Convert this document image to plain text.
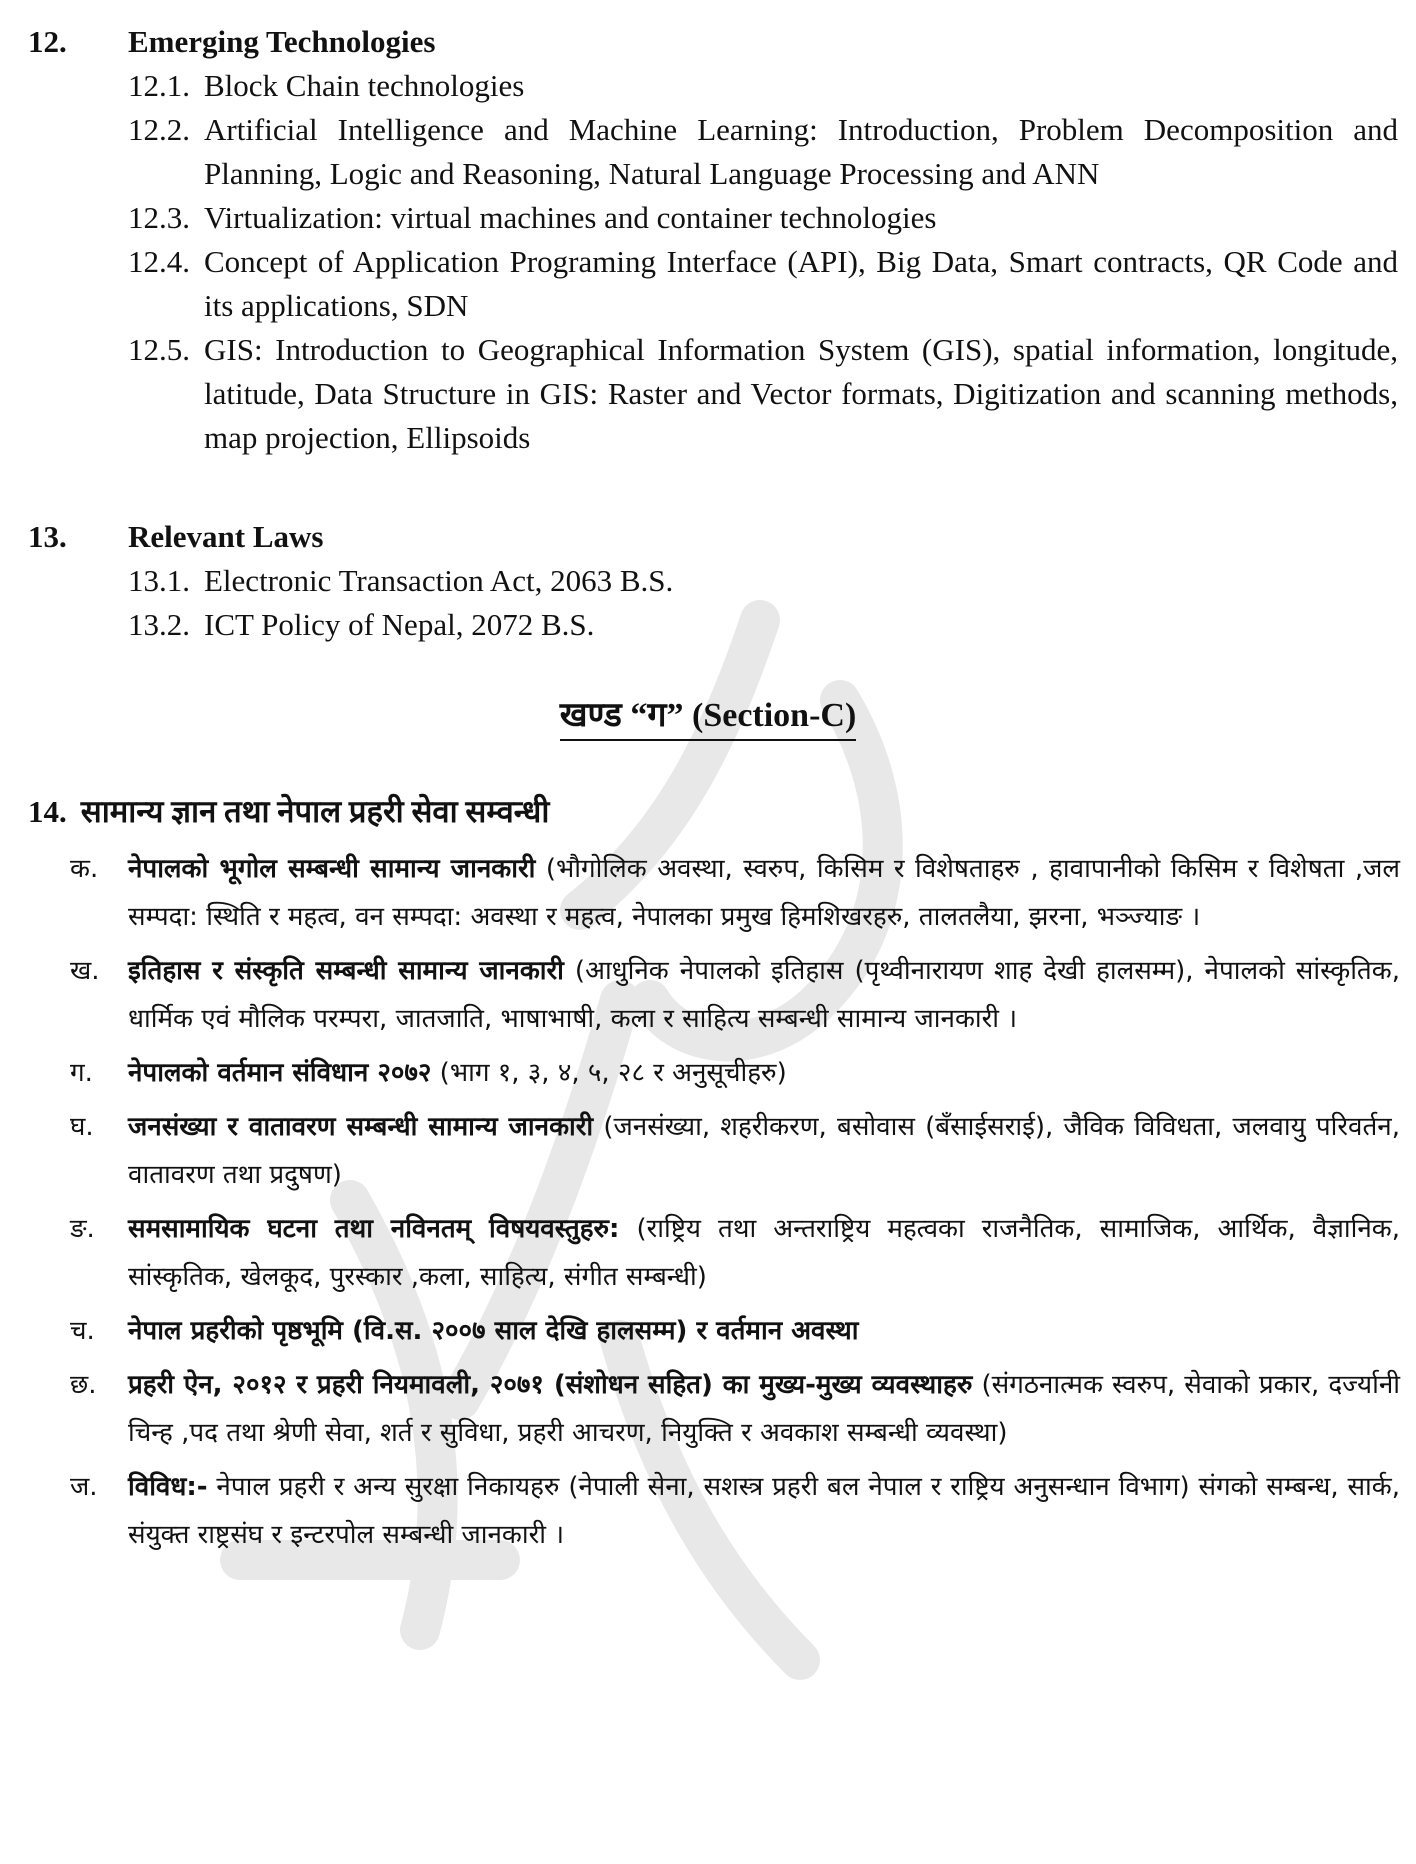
12. Emerging Technologies
12.1. Block Chain technologies
12.2. Artificial Intelligence and Machine Learning: Introduction, Problem Decomposition and Planning, Logic and Reasoning, Natural Language Processing and ANN
12.3. Virtualization: virtual machines and container technologies
12.4. Concept of Application Programing Interface (API), Big Data, Smart contracts, QR Code and its applications, SDN
12.5. GIS: Introduction to Geographical Information System (GIS), spatial information, longitude, latitude, Data Structure in GIS: Raster and Vector formats, Digitization and scanning methods, map projection, Ellipsoids
13. Relevant Laws
13.1. Electronic Transaction Act, 2063 B.S.
13.2. ICT Policy of Nepal, 2072 B.S.
खण्ड “ग” (Section-C)
14. सामान्य ज्ञान तथा नेपाल प्रहरी सेवा सम्वन्धी
क. नेपालको भूगोल सम्बन्धी सामान्य जानकारी (भौगोलिक अवस्था, स्वरुप, किसिम र विशेषताहरु , हावापानीको किसिम र विशेषता ,जल सम्पदा: स्थिति र महत्व, वन सम्पदा: अवस्था र महत्व, नेपालका प्रमुख हिमशिखरहरु, तालतलैया, झरना, भञ्ज्याङ ।
ख. इतिहास र संस्कृति सम्बन्धी सामान्य जानकारी (आधुनिक नेपालको इतिहास (पृथ्वीनारायण शाह देखी हालसम्म), नेपालको सांस्कृतिक, धार्मिक एवं मौलिक परम्परा, जातजाति, भाषाभाषी, कला र साहित्य सम्बन्धी सामान्य जानकारी ।
ग. नेपालको वर्तमान संविधान २०७२ (भाग १, ३, ४, ५, २८ र अनुसूचीहरु)
घ. जनसंख्या र वातावरण सम्बन्धी सामान्य जानकारी (जनसंख्या, शहरीकरण, बसोवास (बँसाईसराई), जैविक विविधता, जलवायु परिवर्तन, वातावरण तथा प्रदुषण)
ङ. समसामायिक घटना तथा नविनतम् विषयवस्तुहरु: (राष्ट्रिय तथा अन्तराष्ट्रिय महत्वका राजनैतिक, सामाजिक, आर्थिक, वैज्ञानिक, सांस्कृतिक, खेलकूद, पुरस्कार ,कला, साहित्य, संगीत सम्बन्धी)
च. नेपाल प्रहरीको पृष्ठभूमि (वि.स. २००७ साल देखि हालसम्म) र वर्तमान अवस्था
छ. प्रहरी ऐन, २०१२ र प्रहरी नियमावली, २०७१ (संशोधन सहित) का मुख्य-मुख्य व्यवस्थाहरु (संगठनात्मक स्वरुप, सेवाको प्रकार, दर्ज्यानी चिन्ह ,पद तथा श्रेणी सेवा, शर्त र सुविधा, प्रहरी आचरण, नियुक्ति र अवकाश सम्बन्धी व्यवस्था)
ज. विविध:- नेपाल प्रहरी र अन्य सुरक्षा निकायहरु (नेपाली सेना, सशस्त्र प्रहरी बल नेपाल र राष्ट्रिय अनुसन्धान विभाग) संगको सम्बन्ध, सार्क, संयुक्त राष्ट्रसंघ र इन्टरपोल सम्बन्धी जानकारी ।
